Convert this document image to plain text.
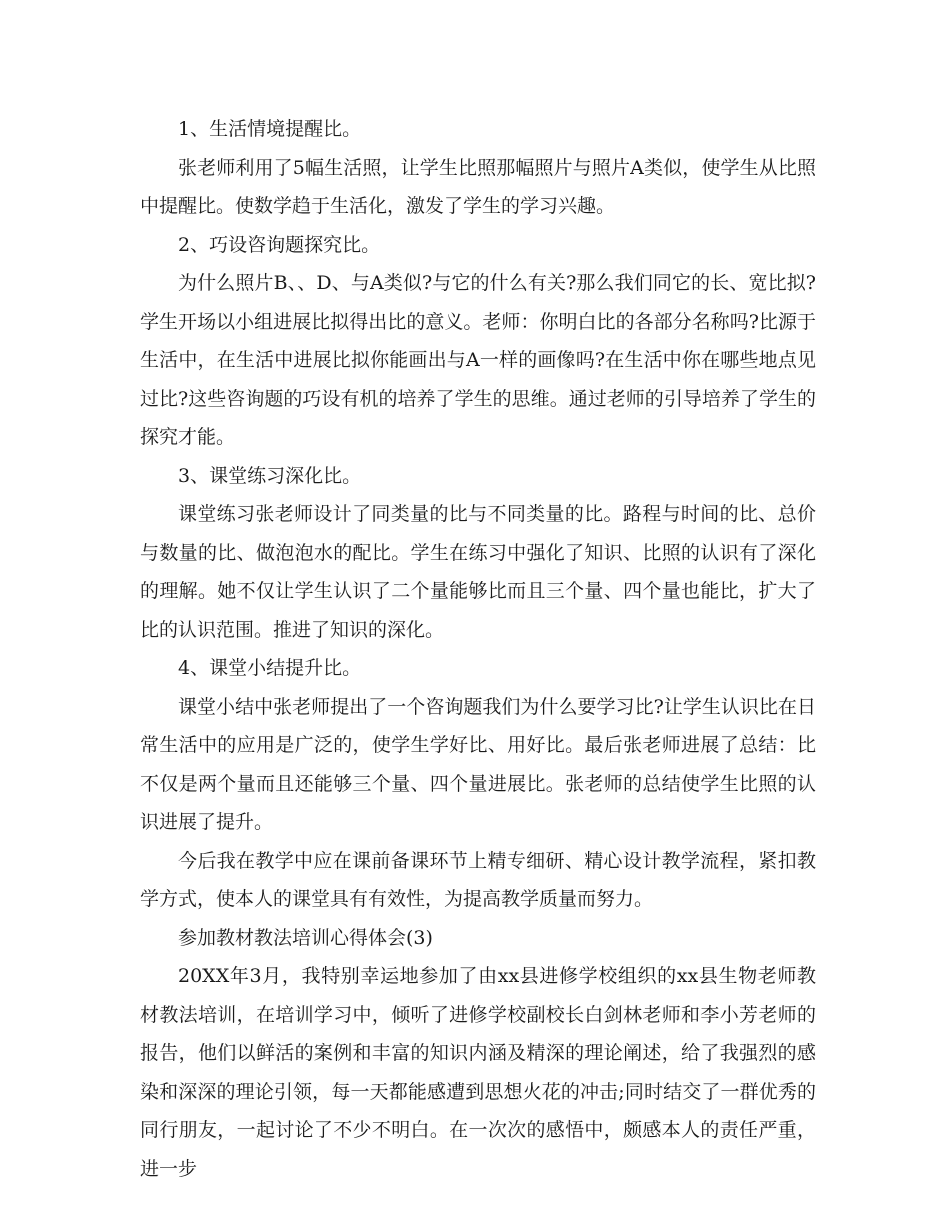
1、生活情境提醒比。

张老师利用了5幅生活照，让学生比照那幅照片与照片A类似，使学生从比照中提醒比。使数学趋于生活化，激发了学生的学习兴趣。

2、巧设咨询题探究比。

为什么照片B、、D、与A类似?与它的什么有关?那么我们同它的长、宽比拟?学生开场以小组进展比拟得出比的意义。老师：你明白比的各部分名称吗?比源于生活中，在生活中进展比拟你能画出与A一样的画像吗?在生活中你在哪些地点见过比?这些咨询题的巧设有机的培养了学生的思维。通过老师的引导培养了学生的探究才能。

3、课堂练习深化比。

课堂练习张老师设计了同类量的比与不同类量的比。路程与时间的比、总价与数量的比、做泡泡水的配比。学生在练习中强化了知识、比照的认识有了深化的理解。她不仅让学生认识了二个量能够比而且三个量、四个量也能比，扩大了比的认识范围。推进了知识的深化。

4、课堂小结提升比。

课堂小结中张老师提出了一个咨询题我们为什么要学习比?让学生认识比在日常生活中的应用是广泛的，使学生学好比、用好比。最后张老师进展了总结：比不仅是两个量而且还能够三个量、四个量进展比。张老师的总结使学生比照的认识进展了提升。

今后我在教学中应在课前备课环节上精专细研、精心设计教学流程，紧扣教学方式，使本人的课堂具有有效性，为提高教学质量而努力。

参加教材教法培训心得体会(3)

20XX年3月，我特别幸运地参加了由xx县进修学校组织的xx县生物老师教材教法培训，在培训学习中，倾听了进修学校副校长白剑林老师和李小芳老师的报告，他们以鲜活的案例和丰富的知识内涵及精深的理论阐述，给了我强烈的感染和深深的理论引领，每一天都能感遭到思想火花的冲击;同时结交了一群优秀的同行朋友，一起讨论了不少不明白。在一次次的感悟中，颇感本人的责任严重，进一步
